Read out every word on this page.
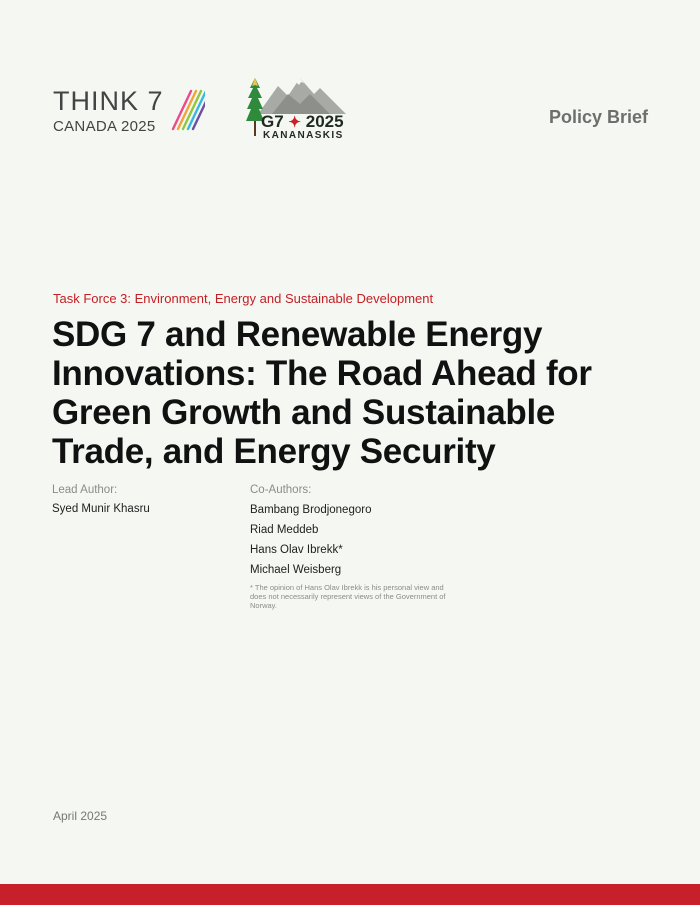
THINK 7
CANADA 2025	G7 ✦ 2025
KANANASKIS
Policy Brief
Task Force 3: Environment, Energy and Sustainable Development
SDG 7 and Renewable Energy
Innovations: The Road Ahead for
Green Growth and Sustainable
Trade, and Energy Security
Lead Author:
Syed Munir Khasru
Co-Authors:
Bambang Brodjonegoro
Riad Meddeb
Hans Olav Ibrekk*
Michael Weisberg
* The opinion of Hans Olav Ibrekk is his personal view and does not necessarily represent views of the Government of Norway.
April 2025
